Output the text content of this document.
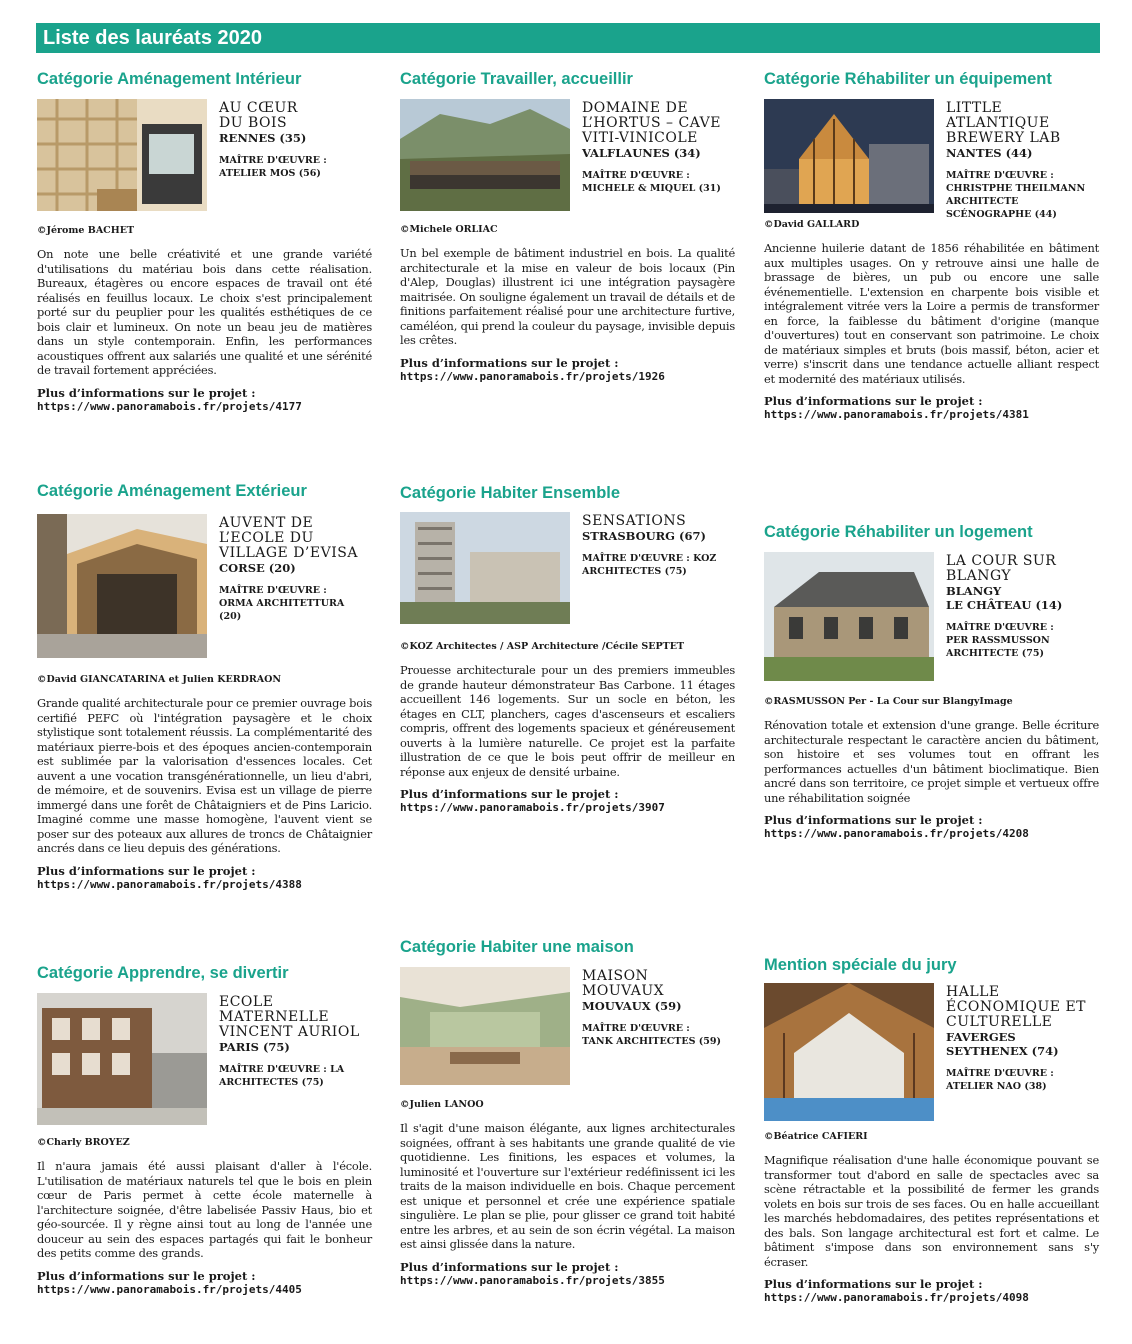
Liste des lauréats 2020
Catégorie Aménagement Intérieur
AU CŒUR
DU BOIS
RENNES (35)
MAÎTRE D'ŒUVRE :
ATELIER MOS (56)
©Jérome BACHET
On note une belle créativité et une grande variété d'utilisations du matériau bois dans cette réalisation. Bureaux, étagères ou encore espaces de travail ont été réalisés en feuillus locaux. Le choix s'est principalement porté sur du peuplier pour les qualités esthétiques de ce bois clair et lumineux. On note un beau jeu de matières dans un style contemporain. Enfin, les performances acoustiques offrent aux salariés une qualité et une sérénité de travail fortement appréciées.
Plus d’informations sur le projet :
https://www.panoramabois.fr/projets/4177
Catégorie Travailler, accueillir
DOMAINE DE
L’HORTUS – CAVE
VITI-VINICOLE
VALFLAUNES (34)
MAÎTRE D'ŒUVRE :
MICHELE & MIQUEL (31)
©Michele ORLIAC
Un bel exemple de bâtiment industriel en bois. La qualité architecturale et la mise en valeur de bois locaux (Pin d'Alep, Douglas) illustrent ici une intégration paysagère maitrisée. On souligne également un travail de détails et de finitions parfaitement réalisé pour une architecture furtive, caméléon, qui prend la couleur du paysage, invisible depuis les crêtes.
Plus d’informations sur le projet :
https://www.panoramabois.fr/projets/1926
Catégorie Réhabiliter un équipement
LITTLE
ATLANTIQUE
BREWERY LAB
NANTES (44)
MAÎTRE D'ŒUVRE :
CHRISTPHE THEILMANN
ARCHITECTE
SCÉNOGRAPHE (44)
©David GALLARD
Ancienne huilerie datant de 1856 réhabilitée en bâtiment aux multiples usages. On y retrouve ainsi une halle de brassage de bières, un pub ou encore une salle événementielle. L'extension en charpente bois visible et intégralement vitrée vers la Loire a permis de transformer en force, la faiblesse du bâtiment d'origine (manque d'ouvertures) tout en conservant son patrimoine. Le choix de matériaux simples et bruts (bois massif, béton, acier et verre) s'inscrit dans une tendance actuelle alliant respect et modernité des matériaux utilisés.
Plus d’informations sur le projet :
https://www.panoramabois.fr/projets/4381
Catégorie Aménagement Extérieur
AUVENT DE
L’ECOLE DU
VILLAGE D’EVISA
CORSE (20)
MAÎTRE D'ŒUVRE :
ORMA ARCHITETTURA
(20)
©David GIANCATARINA et Julien KERDRAON
Grande qualité architecturale pour ce premier ouvrage bois certifié PEFC où l'intégration paysagère et le choix stylistique sont totalement réussis. La complémentarité des matériaux pierre-bois et des époques ancien-contemporain est sublimée par la valorisation d'essences locales. Cet auvent a une vocation transgénérationnelle, un lieu d'abri, de mémoire, et de souvenirs. Evisa est un village de pierre immergé dans une forêt de Châtaigniers et de Pins Laricio. Imaginé comme une masse homogène, l'auvent vient se poser sur des poteaux aux allures de troncs de Châtaignier ancrés dans ce lieu depuis des générations.
Plus d’informations sur le projet :
https://www.panoramabois.fr/projets/4388
Catégorie Habiter Ensemble
SENSATIONS
STRASBOURG (67)
MAÎTRE D'ŒUVRE : KOZ
ARCHITECTES (75)
©KOZ Architectes / ASP Architecture /Cécile SEPTET
Prouesse architecturale pour un des premiers immeubles de grande hauteur démonstrateur Bas Carbone. 11 étages accueillent 146 logements. Sur un socle en béton, les étages en CLT, planchers, cages d'ascenseurs et escaliers compris, offrent des logements spacieux et généreusement ouverts à la lumière naturelle. Ce projet est la parfaite illustration de ce que le bois peut offrir de meilleur en réponse aux enjeux de densité urbaine.
Plus d’informations sur le projet :
https://www.panoramabois.fr/projets/3907
Catégorie Réhabiliter un logement
LA COUR SUR
BLANGY
BLANGY
LE CHÂTEAU (14)
MAÎTRE D'ŒUVRE :
PER RASSMUSSON
ARCHITECTE (75)
©RASMUSSON Per - La Cour sur BlangyImage
Rénovation totale et extension d'une grange. Belle écriture architecturale respectant le caractère ancien du bâtiment, son histoire et ses volumes tout en offrant les performances actuelles d'un bâtiment bioclimatique. Bien ancré dans son territoire, ce projet simple et vertueux offre une réhabilitation soignée
Plus d’informations sur le projet :
https://www.panoramabois.fr/projets/4208
Catégorie Apprendre, se divertir
ECOLE
MATERNELLE
VINCENT AURIOL
PARIS (75)
MAÎTRE D'ŒUVRE : LA
ARCHITECTES (75)
©Charly BROYEZ
Il n'aura jamais été aussi plaisant d'aller à l'école. L'utilisation de matériaux naturels tel que le bois en plein cœur de Paris permet à cette école maternelle à l'architecture soignée, d'être labelisée Passiv Haus, bio et géo-sourcée. Il y règne ainsi tout au long de l'année une douceur au sein des espaces partagés qui fait le bonheur des petits comme des grands.
Plus d’informations sur le projet :
https://www.panoramabois.fr/projets/4405
Catégorie Habiter une maison
MAISON
MOUVAUX
MOUVAUX (59)
MAÎTRE D'ŒUVRE :
TANK ARCHITECTES (59)
©Julien LANOO
Il s'agit d'une maison élégante, aux lignes architecturales soignées, offrant à ses habitants une grande qualité de vie quotidienne. Les finitions, les espaces et volumes, la luminosité et l'ouverture sur l'extérieur redéfinissent ici les traits de la maison individuelle en bois. Chaque percement est unique et personnel et crée une expérience spatiale singulière. Le plan se plie, pour glisser ce grand toit habité entre les arbres, et au sein de son écrin végétal. La maison est ainsi glissée dans la nature.
Plus d’informations sur le projet :
https://www.panoramabois.fr/projets/3855
Mention spéciale du jury
HALLE
ÉCONOMIQUE ET
CULTURELLE
FAVERGES
SEYTHENEX (74)
MAÎTRE D'ŒUVRE :
ATELIER NAO (38)
©Béatrice CAFIERI
Magnifique réalisation d'une halle économique pouvant se transformer tout d'abord en salle de spectacles avec sa scène rétractable et la possibilité de fermer les grands volets en bois sur trois de ses faces. Ou en halle accueillant les marchés hebdomadaires, des petites représentations et des bals. Son langage architectural est fort et calme. Le bâtiment s'impose dans son environnement sans s'y écraser.
Plus d’informations sur le projet :
https://www.panoramabois.fr/projets/4098
